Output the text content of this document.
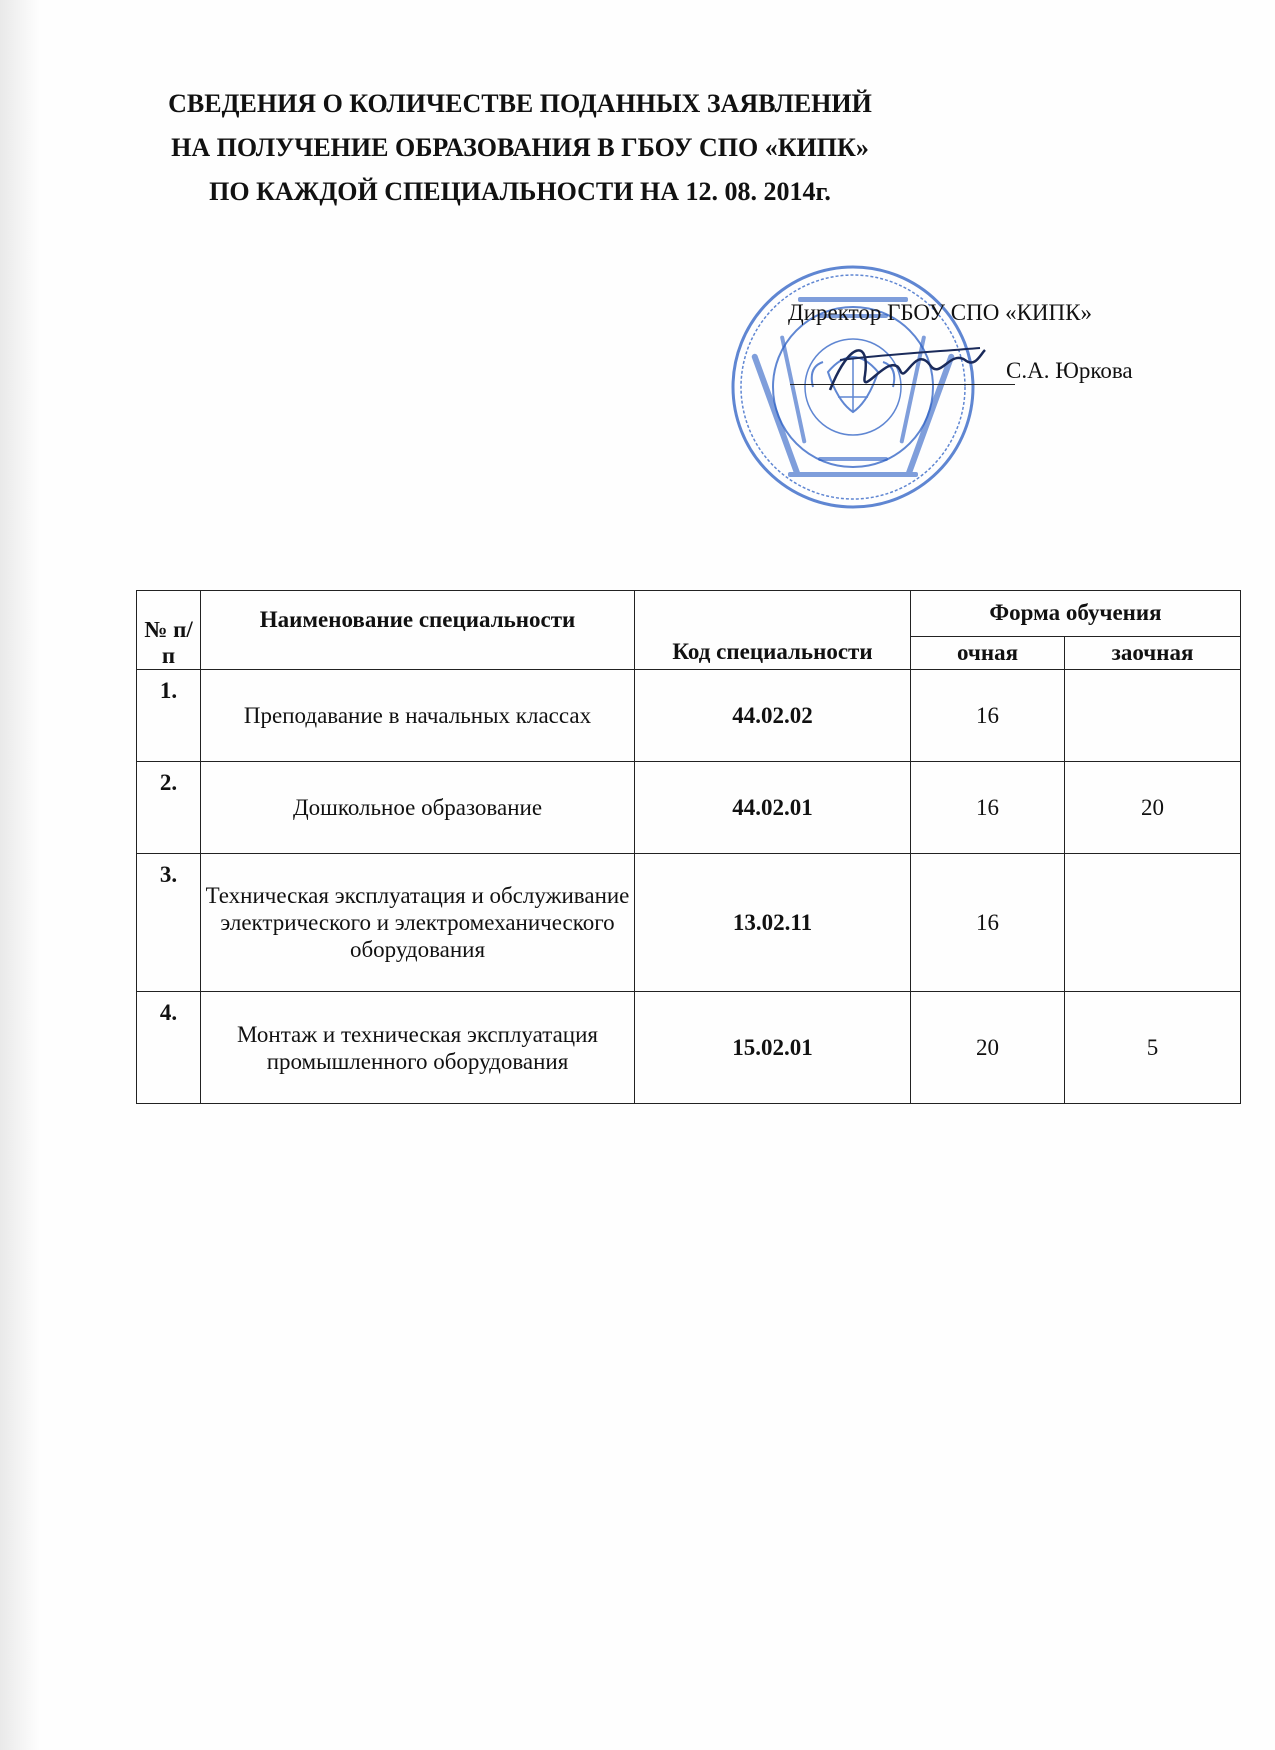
СВЕДЕНИЯ О КОЛИЧЕСТВЕ ПОДАННЫХ ЗАЯВЛЕНИЙ
НА ПОЛУЧЕНИЕ ОБРАЗОВАНИЯ В ГБОУ СПО «КИПК»
ПО КАЖДОЙ СПЕЦИАЛЬНОСТИ НА 12. 08. 2014г.
Директор ГБОУ СПО «КИПК»
С.А. Юркова
№ п/п	Наименование специальности	Код специальности	Форма обучения	
			очная	заочная
1.	Преподавание в начальных классах	44.02.02	16	
2.	Дошкольное образование	44.02.01	16	20
3.	Техническая эксплуатация и обслуживание электрического и электромеханического оборудования	13.02.11	16	
4.	Монтаж и техническая эксплуатация промышленного оборудования	15.02.01	20	5
